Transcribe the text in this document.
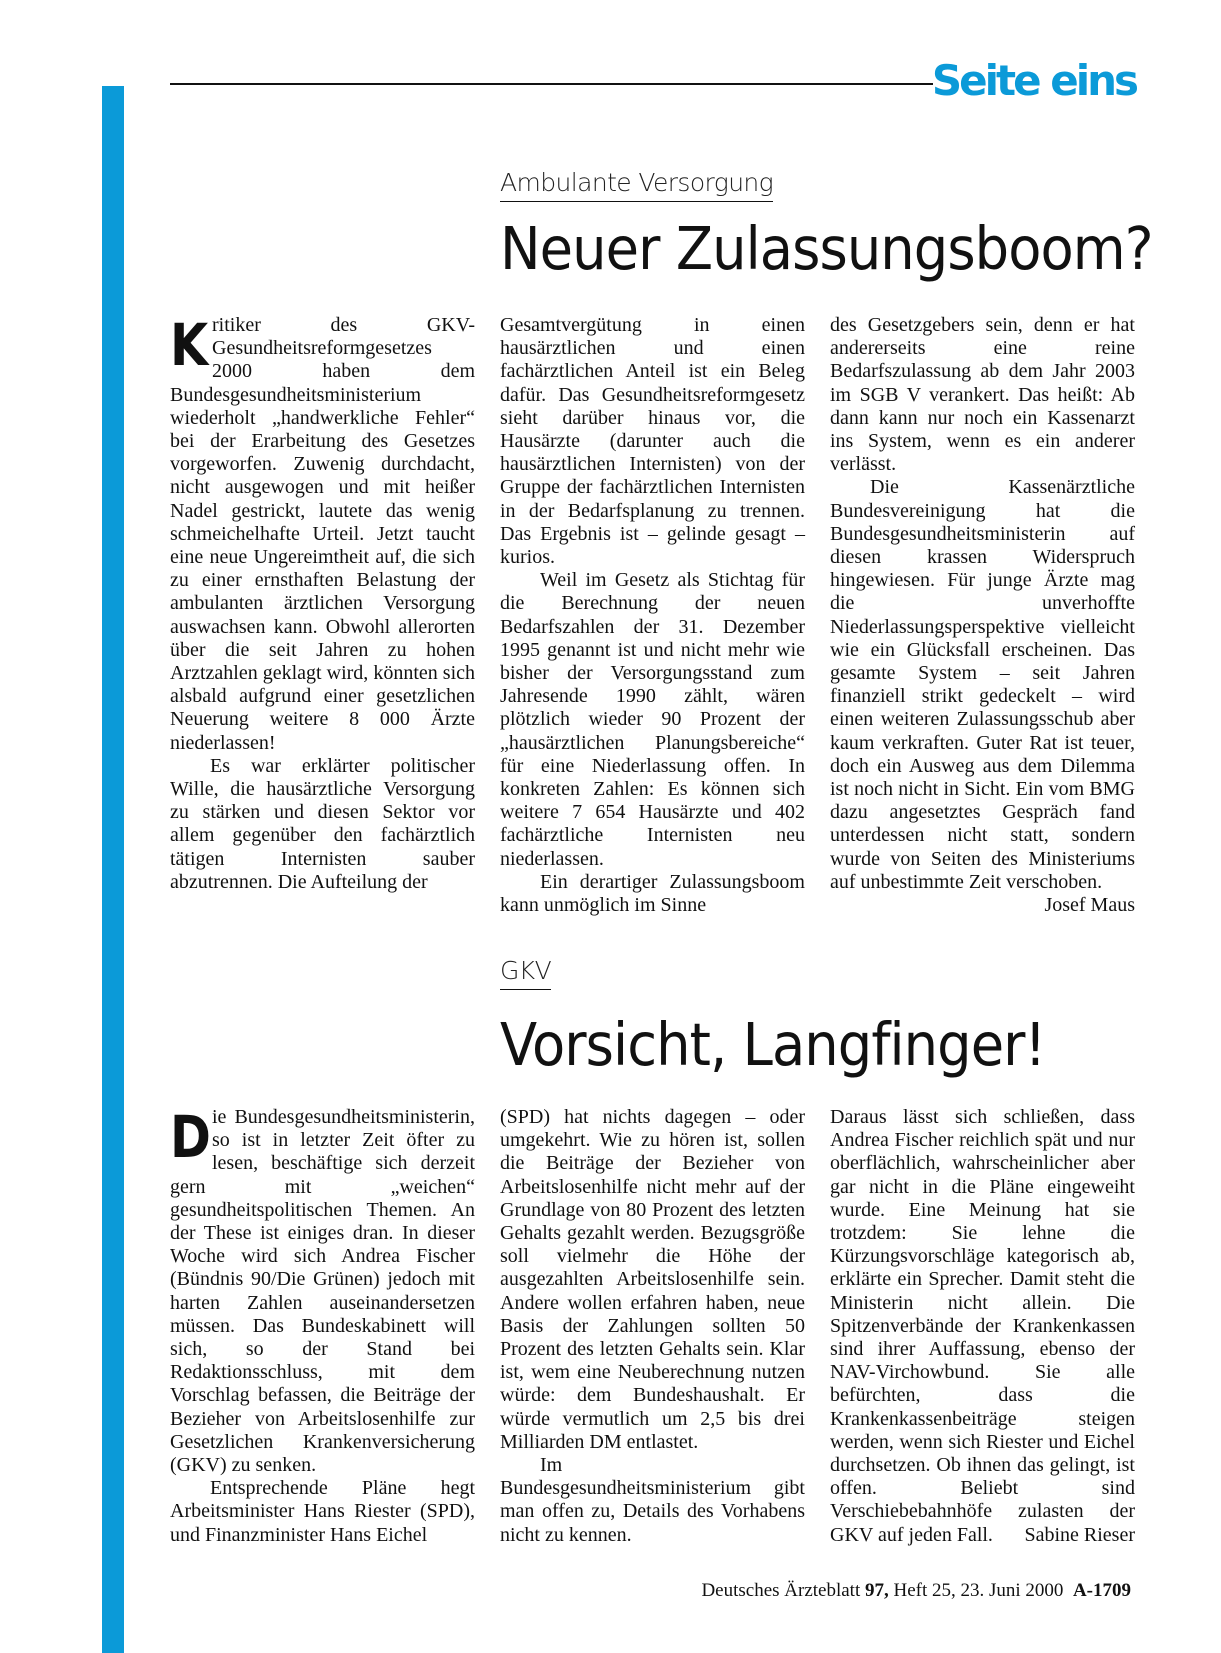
Seite eins
Ambulante Versorgung
Neuer Zulassungsboom?
K ritiker des GKV-Gesundheitsreformgesetzes 2000 haben dem Bundesgesundheitsministerium wiederholt „handwerkliche Fehler“ bei der Erarbeitung des Gesetzes vorgeworfen. Zuwenig durchdacht, nicht ausgewogen und mit heißer Nadel gestrickt, lautete das wenig schmeichelhafte Urteil. Jetzt taucht eine neue Ungereimtheit auf, die sich zu einer ernsthaften Belastung der ambulanten ärztlichen Versorgung auswachsen kann. Obwohl allerorten über die seit Jahren zu hohen Arztzahlen geklagt wird, könnten sich alsbald aufgrund einer gesetzlichen Neuerung weitere 8 000 Ärzte niederlassen!

Es war erklärter politischer Wille, die hausärztliche Versorgung zu stärken und diesen Sektor vor allem gegenüber den fachärztlich tätigen Internisten sauber abzutrennen. Die Aufteilung der

Gesamtvergütung in einen hausärztlichen und einen fachärztlichen Anteil ist ein Beleg dafür. Das Gesundheitsreformgesetz sieht darüber hinaus vor, die Hausärzte (darunter auch die hausärztlichen Internisten) von der Gruppe der fachärztlichen Internisten in der Bedarfsplanung zu trennen. Das Ergebnis ist – gelinde gesagt – kurios.

Weil im Gesetz als Stichtag für die Berechnung der neuen Bedarfszahlen der 31. Dezember 1995 genannt ist und nicht mehr wie bisher der Versorgungsstand zum Jahresende 1990 zählt, wären plötzlich wieder 90 Prozent der „hausärztlichen Planungsbereiche“ für eine Niederlassung offen. In konkreten Zahlen: Es können sich weitere 7 654 Hausärzte und 402 fachärztliche Internisten neu niederlassen.

Ein derartiger Zulassungsboom kann unmöglich im Sinne

des Gesetzgebers sein, denn er hat andererseits eine reine Bedarfszulassung ab dem Jahr 2003 im SGB V verankert. Das heißt: Ab dann kann nur noch ein Kassenarzt ins System, wenn es ein anderer verlässt.

Die Kassenärztliche Bundesvereinigung hat die Bundesgesundheitsministerin auf diesen krassen Widerspruch hingewiesen. Für junge Ärzte mag die unverhoffte Niederlassungsperspektive vielleicht wie ein Glücksfall erscheinen. Das gesamte System – seit Jahren finanziell strikt gedeckelt – wird einen weiteren Zulassungsschub aber kaum verkraften. Guter Rat ist teuer, doch ein Ausweg aus dem Dilemma ist noch nicht in Sicht. Ein vom BMG dazu angesetztes Gespräch fand unterdessen nicht statt, sondern wurde von Seiten des Ministeriums auf unbestimmte Zeit verschoben.
Josef Maus

GKV
Vorsicht, Langfinger!
D ie Bundesgesundheitsministerin, so ist in letzter Zeit öfter zu lesen, beschäftige sich derzeit gern mit „weichen“ gesundheitspolitischen Themen. An der These ist einiges dran. In dieser Woche wird sich Andrea Fischer (Bündnis 90/Die Grünen) jedoch mit harten Zahlen auseinandersetzen müssen. Das Bundeskabinett will sich, so der Stand bei Redaktionsschluss, mit dem Vorschlag befassen, die Beiträge der Bezieher von Arbeitslosenhilfe zur Gesetzlichen Krankenversicherung (GKV) zu senken.

Entsprechende Pläne hegt Arbeitsminister Hans Riester (SPD), und Finanzminister Hans Eichel

(SPD) hat nichts dagegen – oder umgekehrt. Wie zu hören ist, sollen die Beiträge der Bezieher von Arbeitslosenhilfe nicht mehr auf der Grundlage von 80 Prozent des letzten Gehalts gezahlt werden. Bezugsgröße soll vielmehr die Höhe der ausgezahlten Arbeitslosenhilfe sein. Andere wollen erfahren haben, neue Basis der Zahlungen sollten 50 Prozent des letzten Gehalts sein. Klar ist, wem eine Neuberechnung nutzen würde: dem Bundeshaushalt. Er würde vermutlich um 2,5 bis drei Milliarden DM entlastet.

Im Bundesgesundheitsministerium gibt man offen zu, Details des Vorhabens nicht zu kennen.

Daraus lässt sich schließen, dass Andrea Fischer reichlich spät und nur oberflächlich, wahrscheinlicher aber gar nicht in die Pläne eingeweiht wurde. Eine Meinung hat sie trotzdem: Sie lehne die Kürzungsvorschläge kategorisch ab, erklärte ein Sprecher. Damit steht die Ministerin nicht allein. Die Spitzenverbände der Krankenkassen sind ihrer Auffassung, ebenso der NAV-Virchowbund. Sie alle befürchten, dass die Krankenkassenbeiträge steigen werden, wenn sich Riester und Eichel durchsetzen. Ob ihnen das gelingt, ist offen. Beliebt sind Verschiebebahnhöfe zulasten der GKV auf jeden Fall. Sabine Rieser

Deutsches Ärzteblatt 97, Heft 25, 23. Juni 2000 A-1709
